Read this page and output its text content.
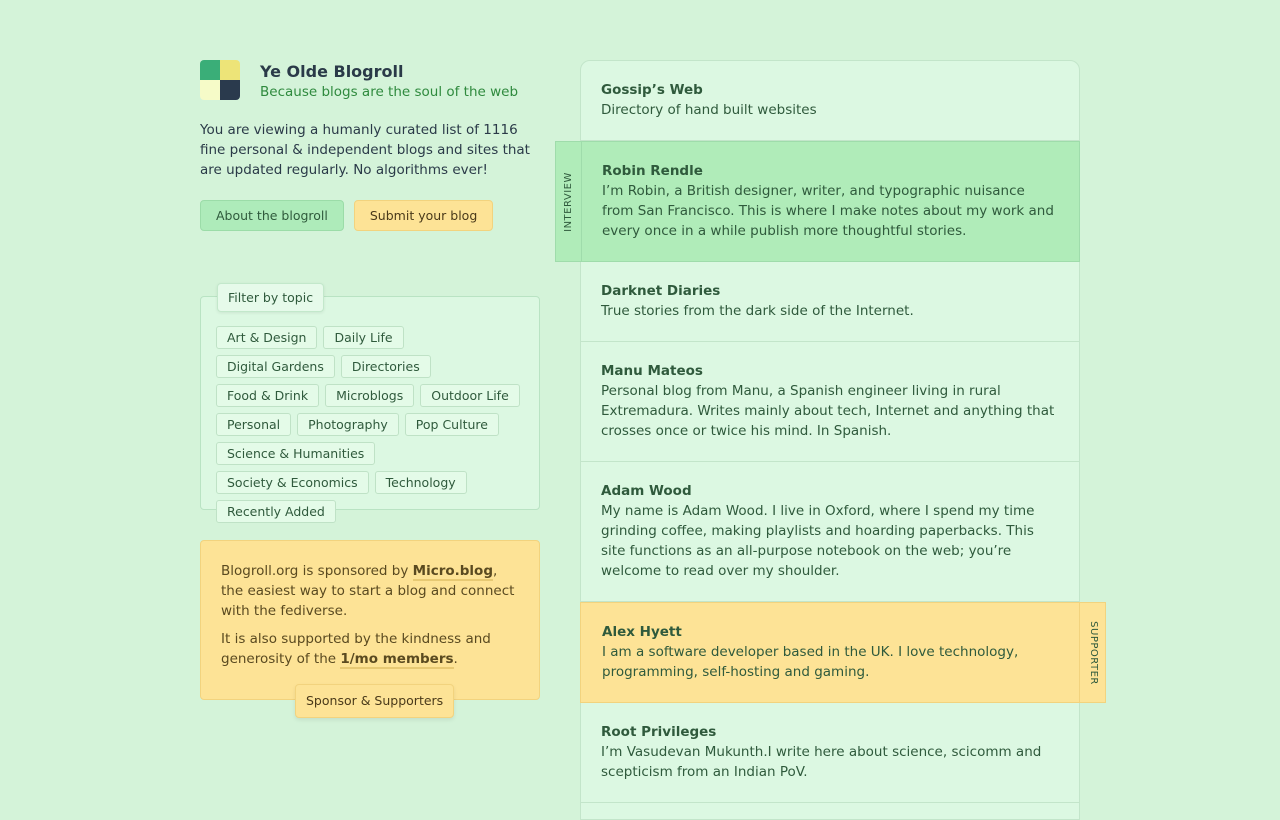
Ye Olde Blogroll
Because blogs are the soul of the web

You are viewing a humanly curated list of 1116 fine personal & independent blogs and sites that are updated regularly. No algorithms ever!

About the blogroll	Submit your blog
Filter by topic
Art & Design	Daily Life
Digital Gardens	Directories
Food & Drink	Microblogs	Outdoor Life
Personal	Photography	Pop Culture
Science & Humanities
Society & Economics	Technology
Recently Added

Blogroll.org is sponsored by Micro.blog, the easiest way to start a blog and connect with the fediverse.

It is also supported by the kindness and generosity of the 1/mo members.

Sponsor & Supporters
Gossip’s Web
Directory of hand built websites
INTERVIEW
Robin Rendle
I’m Robin, a British designer, writer, and typographic nuisance from San Francisco. This is where I make notes about my work and every once in a while publish more thoughtful stories.
Darknet Diaries
True stories from the dark side of the Internet.
Manu Mateos
Personal blog from Manu, a Spanish engineer living in rural Extremadura. Writes mainly about tech, Internet and anything that crosses once or twice his mind. In Spanish.
Adam Wood
My name is Adam Wood. I live in Oxford, where I spend my time grinding coffee, making playlists and hoarding paperbacks. This site functions as an all-purpose notebook on the web; you’re welcome to read over my shoulder.
SUPPORTER
Alex Hyett
I am a software developer based in the UK. I love technology, programming, self-hosting and gaming.
Root Privileges
I’m Vasudevan Mukunth.I write here about science, scicomm and scepticism from an Indian PoV.
